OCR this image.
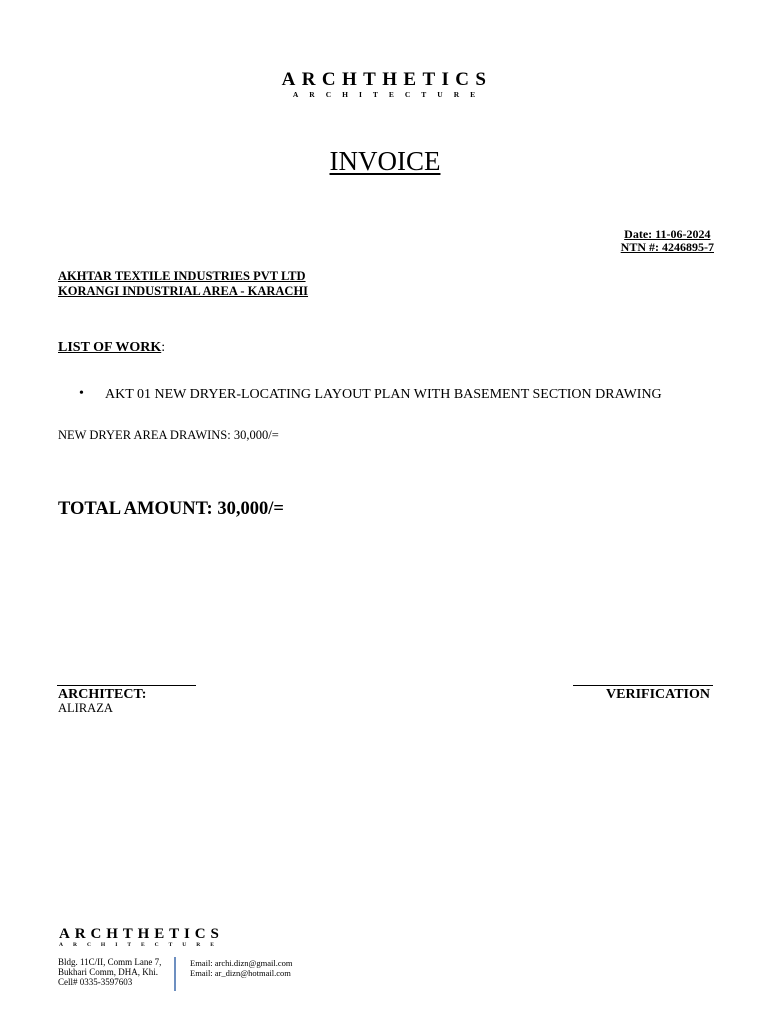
ARCHTHETICS
ARCHITECTURE
INVOICE
Date: 11-06-2024
NTN #: 4246895-7
AKHTAR TEXTILE INDUSTRIES PVT LTD
KORANGI INDUSTRIAL AREA - KARACHI
LIST OF WORK:
• AKT 01 NEW DRYER-LOCATING LAYOUT PLAN WITH BASEMENT SECTION DRAWING
NEW DRYER AREA DRAWINS: 30,000/=
TOTAL AMOUNT: 30,000/=
ARCHITECT:
ALIRAZA
VERIFICATION
ARCHTHETICS
ARCHITECTURE
Bldg. 11C/II, Comm Lane 7,
Bukhari Comm, DHA, Khi.
Cell# 0335-3597603
Email: archi.dizn@gmail.com
Email: ar_dizn@hotmail.com
